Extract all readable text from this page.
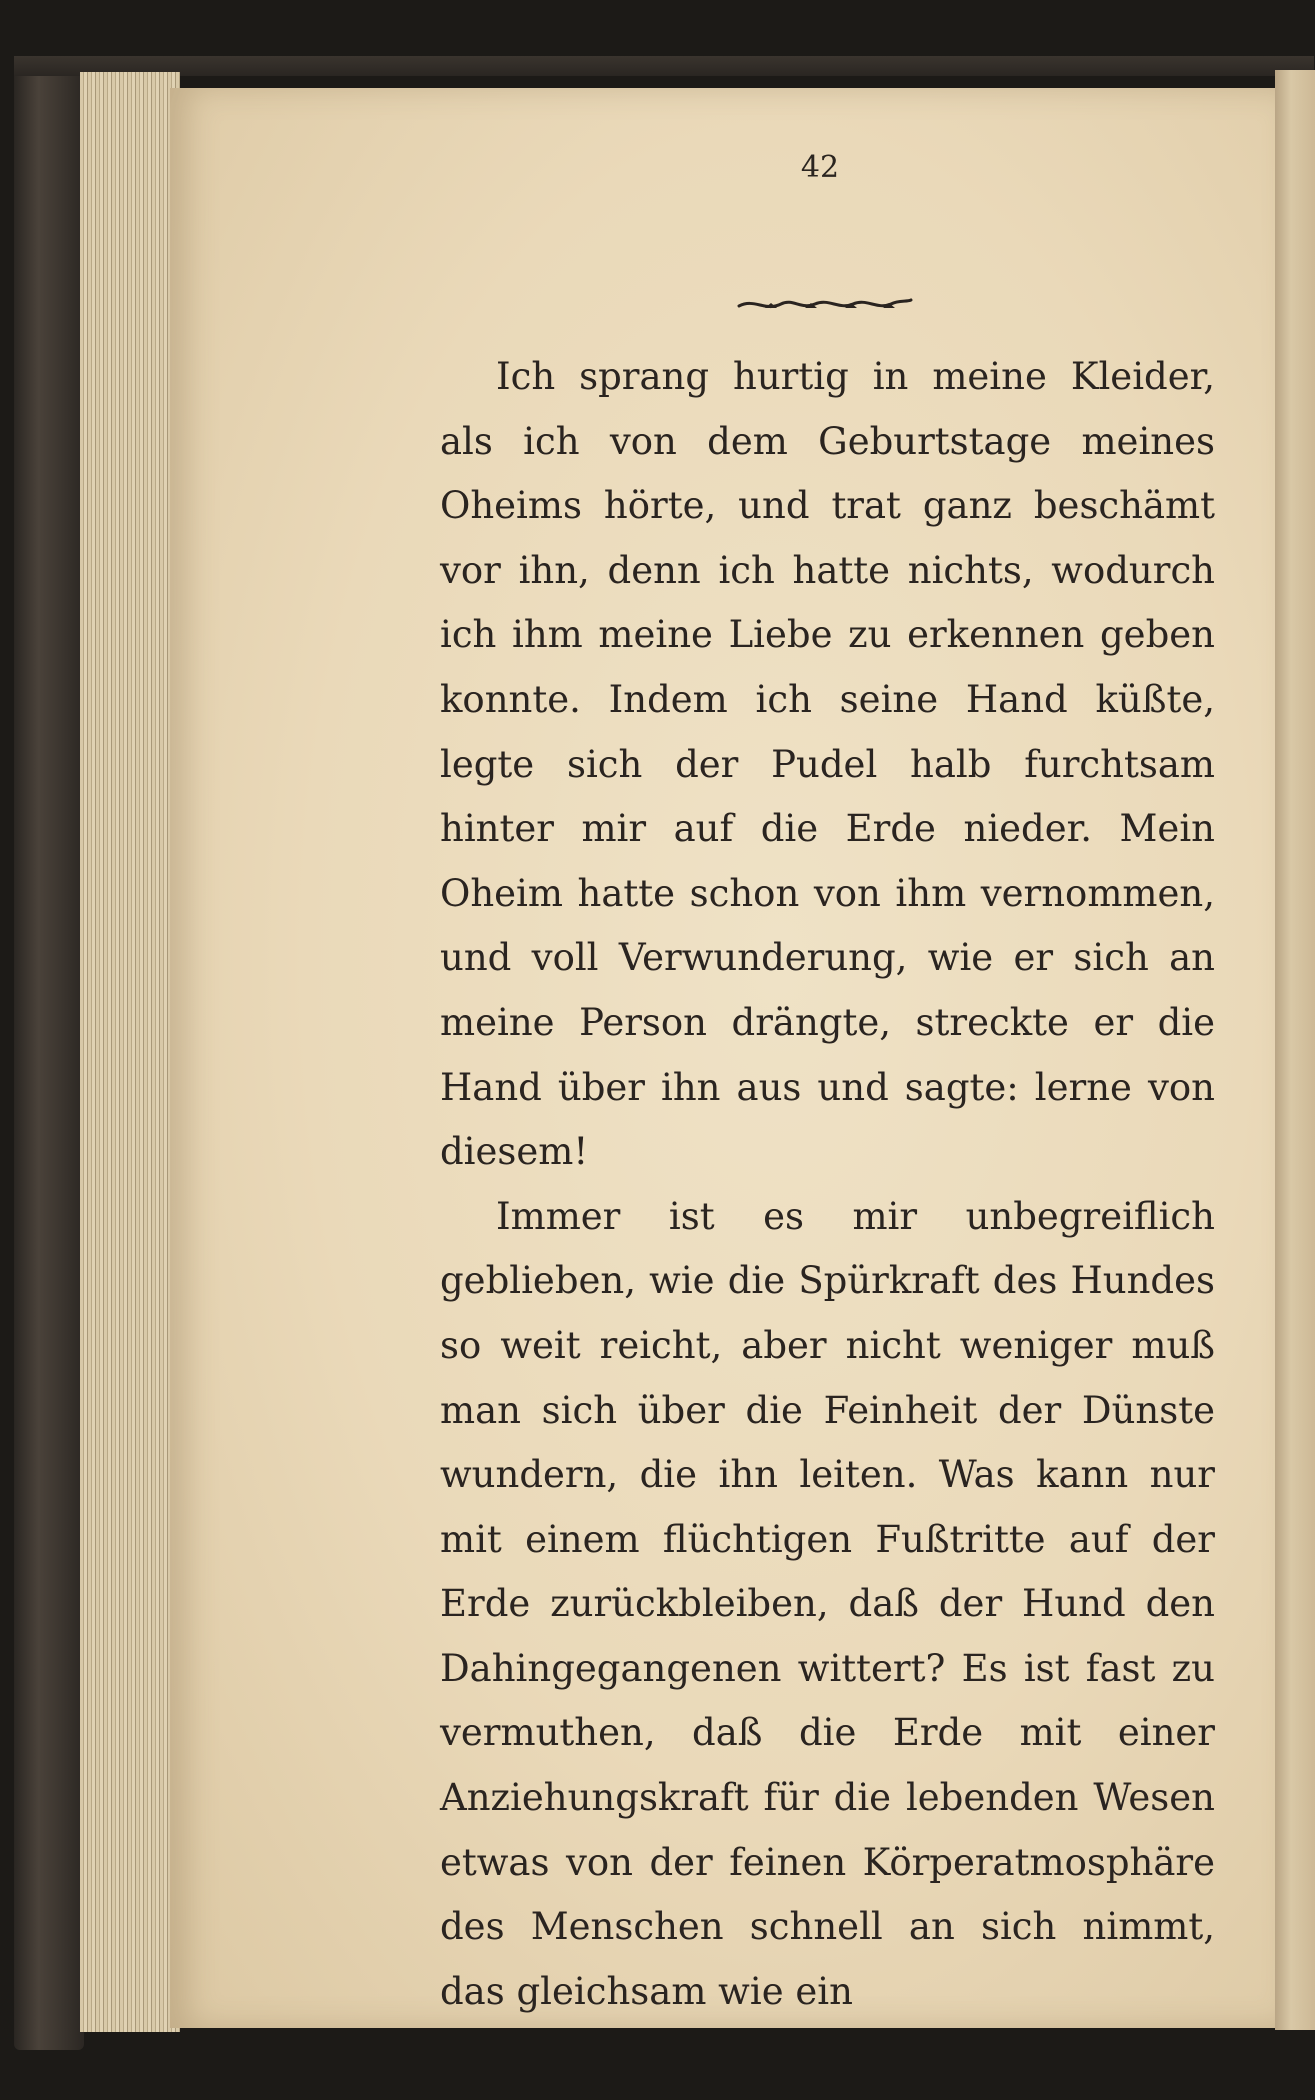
42

Ich sprang hurtig in meine Kleider, als ich von dem Geburtstage meines Oheims hörte, und trat ganz beschämt vor ihn, denn ich hatte nichts, wodurch ich ihm meine Liebe zu erkennen geben konnte. Indem ich seine Hand küßte, legte sich der Pudel halb furchtsam hinter mir auf die Erde nieder. Mein Oheim hatte schon von ihm vernommen, und voll Verwunderung, wie er sich an meine Person drängte, streckte er die Hand über ihn aus und sagte: lerne von diesem!

Immer ist es mir unbegreiflich geblieben, wie die Spürkraft des Hundes so weit reicht, aber nicht weniger muß man sich über die Feinheit der Dünste wundern, die ihn leiten. Was kann nur mit einem flüchtigen Fußtritte auf der Erde zurückbleiben, daß der Hund den Dahingegangenen wittert? Es ist fast zu vermuthen, daß die Erde mit einer Anziehungskraft für die lebenden Wesen etwas von der feinen Körperatmosphäre des Menschen schnell an sich nimmt, das gleichsam wie ein
